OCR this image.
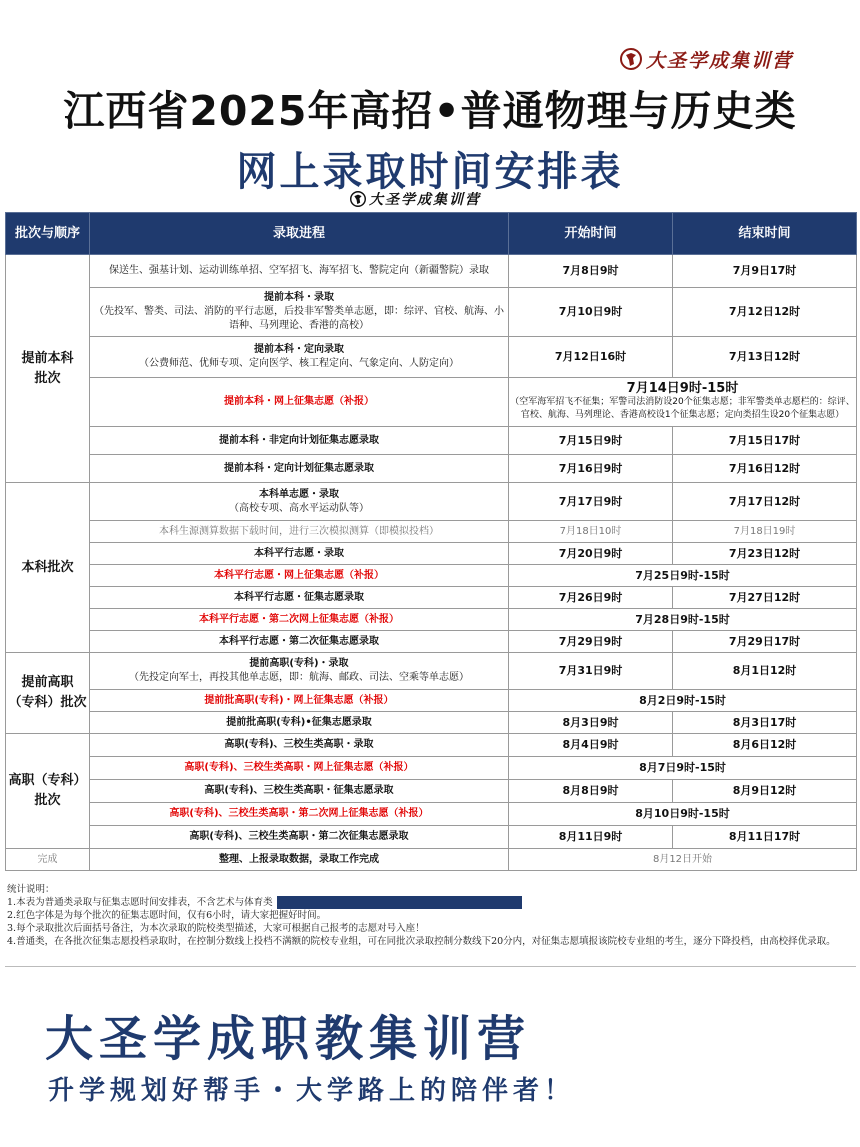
大圣学成集训营
江西省2025年高招•普通物理与历史类
网上录取时间安排表
大圣学成集训营
批次与顺序	录取进程	开始时间	结束时间
提前本科
批次	保送生、强基计划、运动训练单招、空军招飞、海军招飞、警院定向（新疆警院）录取	7月8日9时	7月9日17时
	提前本科・录取
（先投军、警类、司法、消防的平行志愿，后投非军警类单志愿，即：综评、官校、航海、小语种、马列理论、香港的高校）	7月10日9时	7月12日12时
	提前本科・定向录取
（公费师范、优师专项、定向医学、核工程定向、气象定向、人防定向）	7月12日16时	7月13日12时
	提前本科・网上征集志愿（补报）	7月14日9时-15时
（空军海军招飞不征集；军警司法消防设20个征集志愿；非军警类单志愿栏的：综评、官校、航海、马列理论、香港高校设1个征集志愿；定向类招生设20个征集志愿）	

	提前本科・非定向计划征集志愿录取	7月15日9时	7月15日17时
	提前本科・定向计划征集志愿录取	7月16日9时	7月16日12时
本科批次	本科单志愿・录取
（高校专项、高水平运动队等）	7月17日9时	7月17日12时
	本科生源测算数据下载时间，进行三次模拟测算（即模拟投档）	7月18日10时	7月18日19时
	本科平行志愿・录取	7月20日9时	7月23日12时
	本科平行志愿・网上征集志愿（补报）	7月25日9时-15时	
	本科平行志愿・征集志愿录取	7月26日9时	7月27日12时
	本科平行志愿・第二次网上征集志愿（补报）	7月28日9时-15时	
	本科平行志愿・第二次征集志愿录取	7月29日9时	7月29日17时
提前高职
（专科）批次	提前高职(专科)・录取
（先投定向军士，再投其他单志愿，即：航海、邮政、司法、空乘等单志愿）	7月31日9时	8月1日12时
	提前批高职(专科)・网上征集志愿（补报）	8月2日9时-15时	
	提前批高职(专科)•征集志愿录取	8月3日9时	8月3日17时
高职（专科）
批次	高职(专科)、三校生类高职・录取	8月4日9时	8月6日12时
	高职(专科)、三校生类高职・网上征集志愿（补报）	8月7日9时-15时	
	高职(专科)、三校生类高职・征集志愿录取	8月8日9时	8月9日12时
	高职(专科)、三校生类高职・第二次网上征集志愿（补报）	8月10日9时-15时	
	高职(专科)、三校生类高职・第二次征集志愿录取	8月11日9时	8月11日17时
完成	整理、上报录取数据，录取工作完成	8月12日开始	
统计说明：
1.本表为普通类录取与征集志愿时间安排表，不含艺术与体育类
2.红色字体是为每个批次的征集志愿时间，仅有6小时，请大家把握好时间。
3.每个录取批次后面括号备注，为本次录取的院校类型描述，大家可根据自己报考的志愿对号入座！
4.普通类，在各批次征集志愿投档录取时，在控制分数线上投档不满额的院校专业组，可在同批次录取控制分数线下20分内，对征集志愿填报该院校专业组的考生，逐分下降投档，由高校择优录取。
大圣学成职教集训营
升学规划好帮手・大学路上的陪伴者！
